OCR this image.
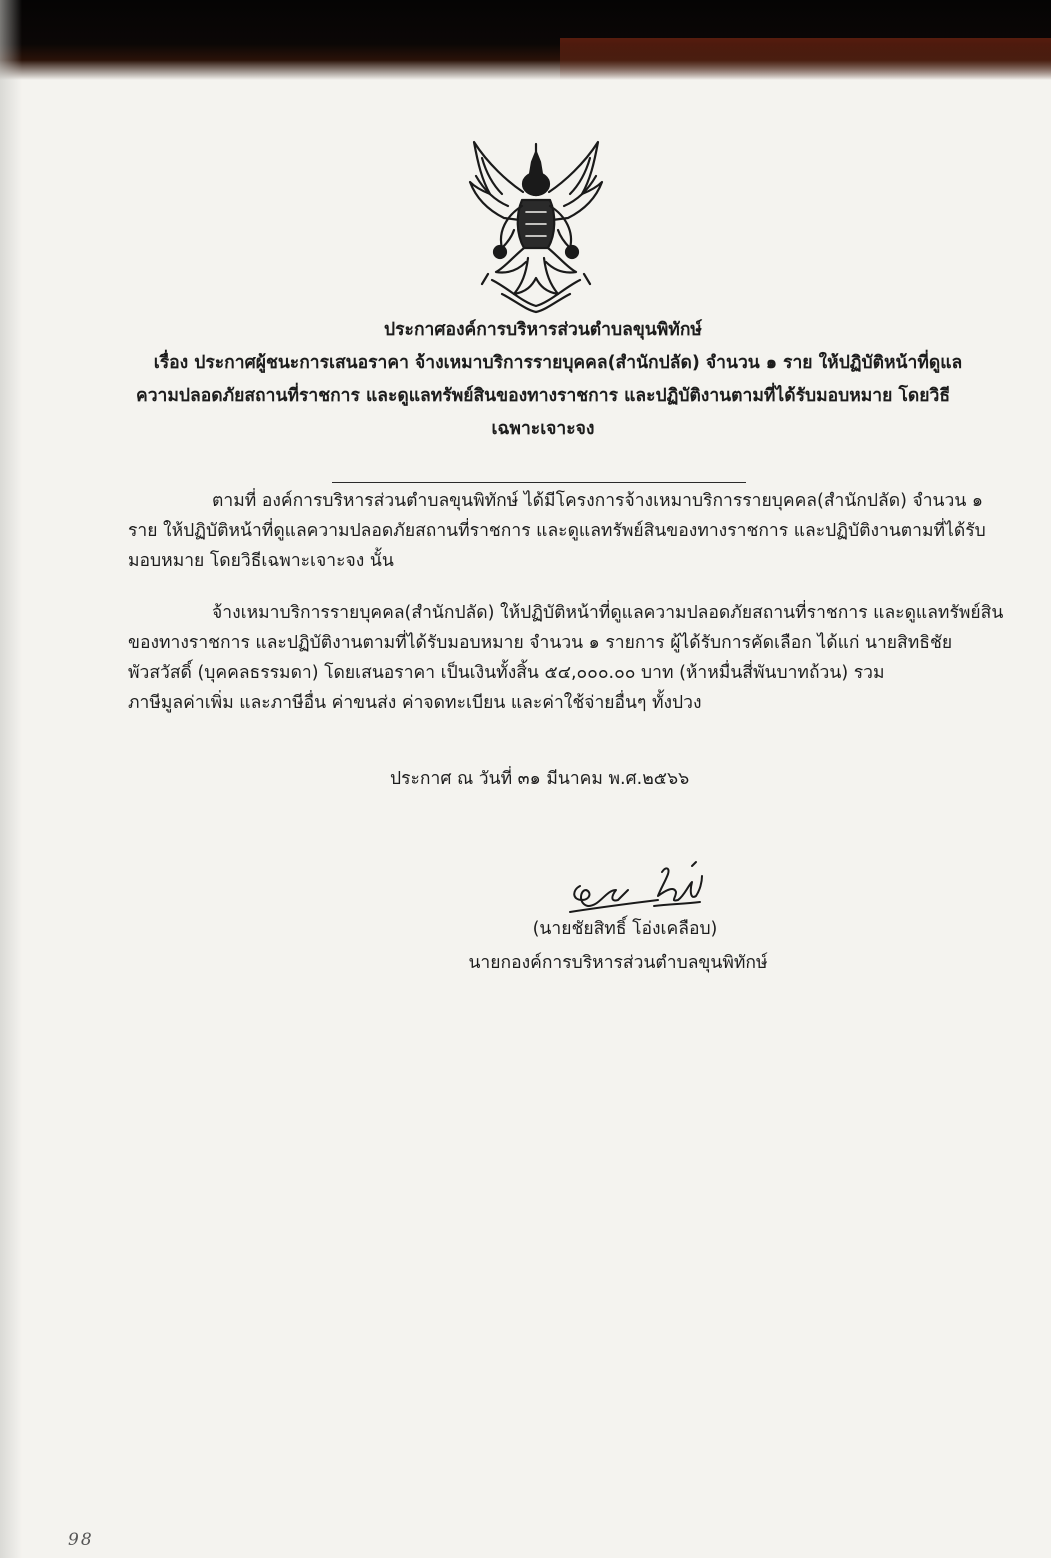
ประกาศองค์การบริหารส่วนตำบลขุนพิทักษ์

เรื่อง ประกาศผู้ชนะการเสนอราคา จ้างเหมาบริการรายบุคคล(สำนักปลัด) จำนวน ๑ ราย ให้ปฏิบัติหน้าที่ดูแล

ความปลอดภัยสถานที่ราชการ และดูแลทรัพย์สินของทางราชการ และปฏิบัติงานตามที่ได้รับมอบหมาย โดยวิธี

เฉพาะเจาะจง

ตามที่ องค์การบริหารส่วนตำบลขุนพิทักษ์ ได้มีโครงการจ้างเหมาบริการรายบุคคล(สำนักปลัด) จำนวน ๑

ราย ให้ปฏิบัติหน้าที่ดูแลความปลอดภัยสถานที่ราชการ และดูแลทรัพย์สินของทางราชการ และปฏิบัติงานตามที่ได้รับ

มอบหมาย โดยวิธีเฉพาะเจาะจง นั้น

จ้างเหมาบริการรายบุคคล(สำนักปลัด) ให้ปฏิบัติหน้าที่ดูแลความปลอดภัยสถานที่ราชการ และดูแลทรัพย์สิน

ของทางราชการ และปฏิบัติงานตามที่ได้รับมอบหมาย จำนวน ๑ รายการ ผู้ได้รับการคัดเลือก ได้แก่ นายสิทธิชัย

พัวสวัสดิ์ (บุคคลธรรมดา) โดยเสนอราคา เป็นเงินทั้งสิ้น ๕๔,๐๐๐.๐๐ บาท (ห้าหมื่นสี่พันบาทถ้วน) รวม

ภาษีมูลค่าเพิ่ม และภาษีอื่น ค่าขนส่ง ค่าจดทะเบียน และค่าใช้จ่ายอื่นๆ ทั้งปวง

ประกาศ ณ วันที่ ๓๑ มีนาคม พ.ศ.๒๕๖๖
(นายชัยสิทธิ์ โอ่งเคลือบ)
นายกองค์การบริหารส่วนตำบลขุนพิทักษ์
98
